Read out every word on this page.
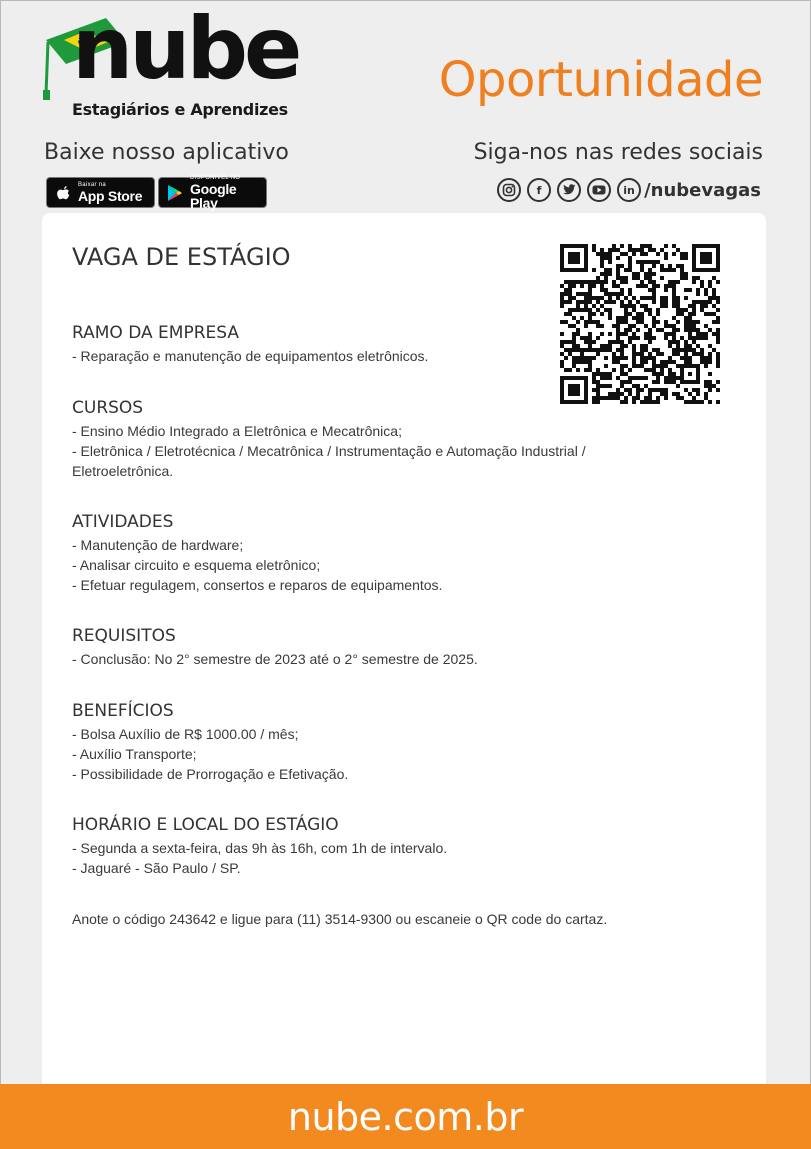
nube
Estagiários e Aprendizes
Oportunidade
Baixe nosso aplicativo	Siga-nos nas redes sociais
Baixar na
App Store
DISPONÍVEL NO
Google Play
f	in /nubevagas
VAGA DE ESTÁGIO
RAMO DA EMPRESA
- Reparação e manutenção de equipamentos eletrônicos.
CURSOS
- Ensino Médio Integrado a Eletrônica e Mecatrônica;
- Eletrônica / Eletrotécnica / Mecatrônica / Instrumentação e Automação Industrial /
Eletroeletrônica.
ATIVIDADES
- Manutenção de hardware;
- Analisar circuito e esquema eletrônico;
- Efetuar regulagem, consertos e reparos de equipamentos.
REQUISITOS
- Conclusão: No 2° semestre de 2023 até o 2° semestre de 2025.
BENEFÍCIOS
- Bolsa Auxílio de R$ 1000.00 / mês;
- Auxílio Transporte;
- Possibilidade de Prorrogação e Efetivação.
HORÁRIO E LOCAL DO ESTÁGIO
- Segunda a sexta-feira, das 9h às 16h, com 1h de intervalo.
- Jaguaré - São Paulo / SP.
Anote o código 243642 e ligue para (11) 3514-9300 ou escaneie o QR code do cartaz.
nube.com.br
